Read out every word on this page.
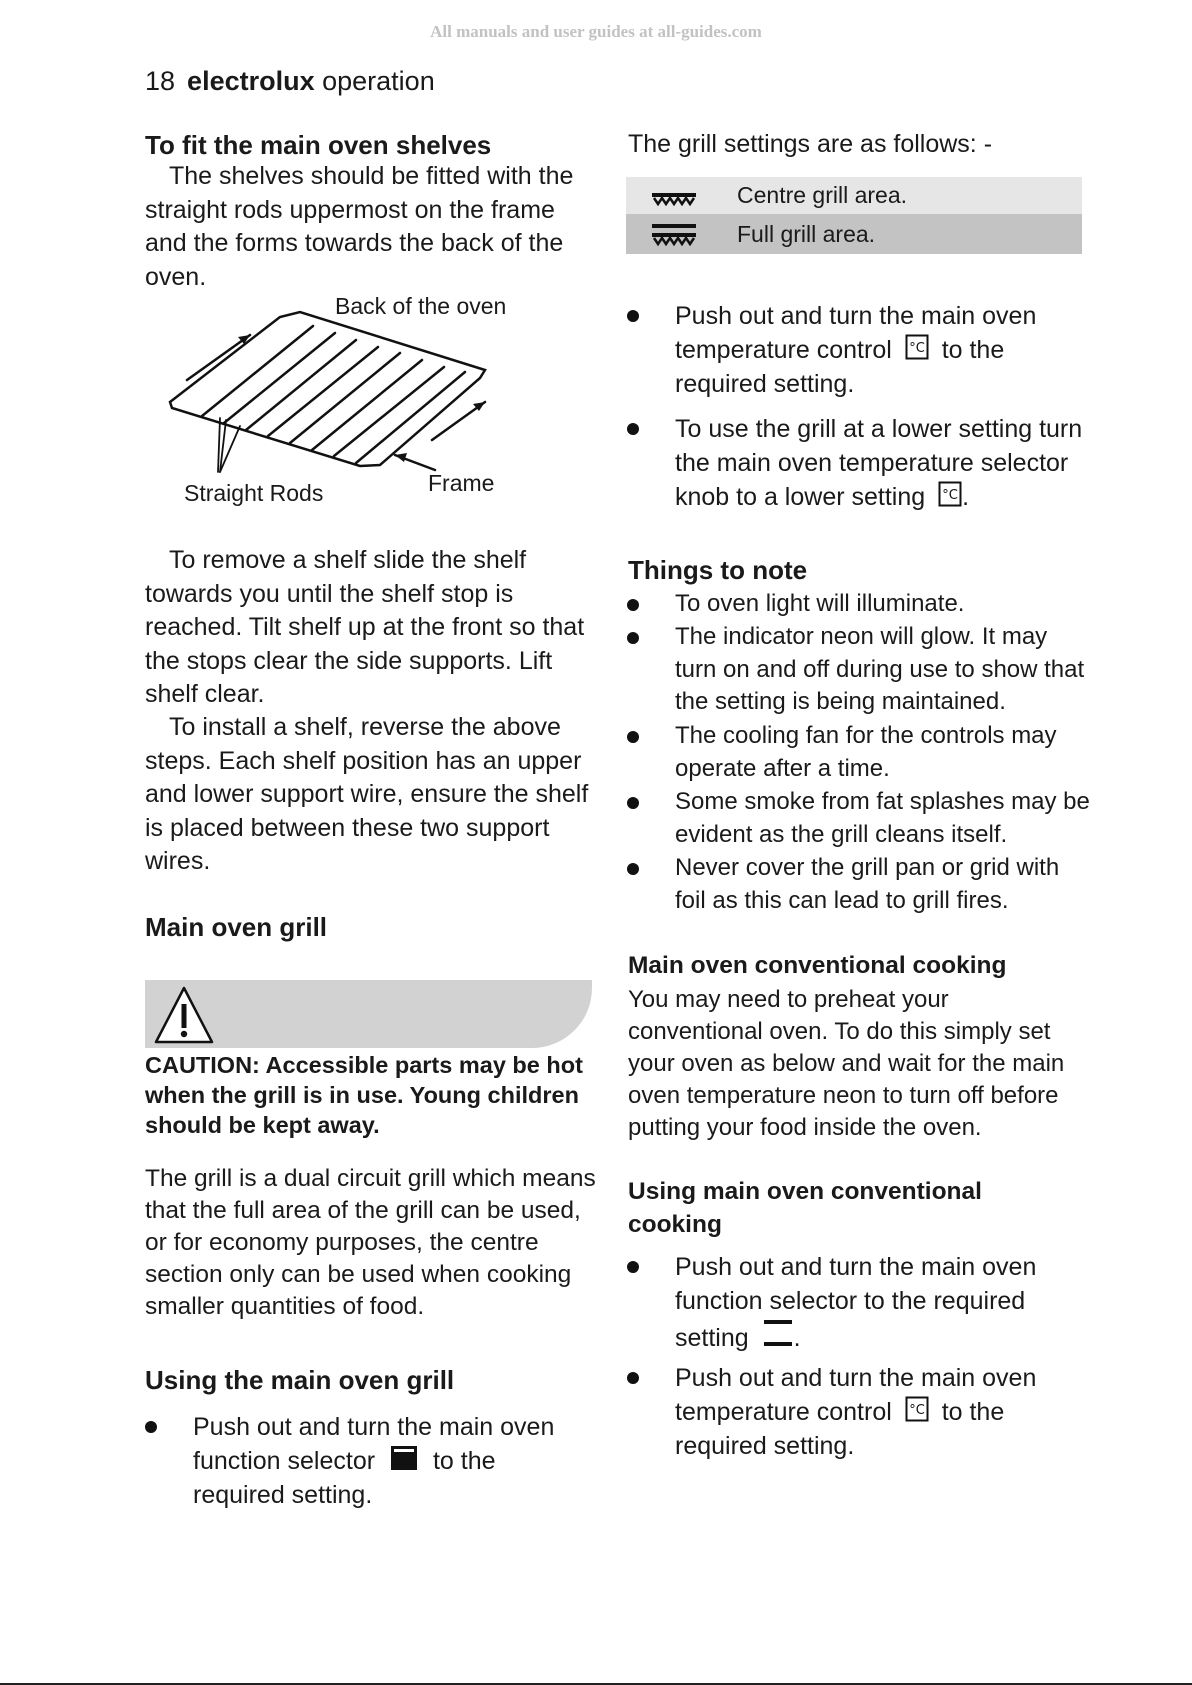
All manuals and user guides at all-guides.com
18 electrolux operation
To fit the main oven shelves

The shelves should be fitted with the straight rods uppermost on the frame and the forms towards the back of the oven.

Back of the oven
Straight Rods	Frame

To remove a shelf slide the shelf towards you until the shelf stop is reached. Tilt shelf up at the front so that the stops clear the side supports. Lift shelf clear.

To install a shelf, reverse the above steps. Each shelf position has an upper and lower support wire, ensure the shelf is placed between these two support wires.

Main oven grill
CAUTION: Accessible parts may be hot when the grill is in use. Young children should be kept away.

The grill is a dual circuit grill which means that the full area of the grill can be used, or for economy purposes, the centre section only can be used when cooking smaller quantities of food.

Using the main oven grill
Push out and turn the main oven function selector to the required setting.

The grill settings are as follows: -

Centre grill area.
Full grill area.
Push out and turn the main oven temperature control °C to the required setting.
To use the grill at a lower setting turn the main oven temperature selector knob to a lower setting °C .
Things to note
To oven light will illuminate.
The indicator neon will glow. It may turn on and off during use to show that the setting is being maintained.
The cooling fan for the controls may operate after a time.
Some smoke from fat splashes may be evident as the grill cleans itself.
Never cover the grill pan or grid with foil as this can lead to grill fires.
Main oven conventional cooking

You may need to preheat your conventional oven. To do this simply set your oven as below and wait for the main oven temperature neon to turn off before putting your food inside the oven.

Using main oven conventional cooking
Push out and turn the main oven function selector to the required setting .
Push out and turn the main oven temperature control °C to the required setting.
